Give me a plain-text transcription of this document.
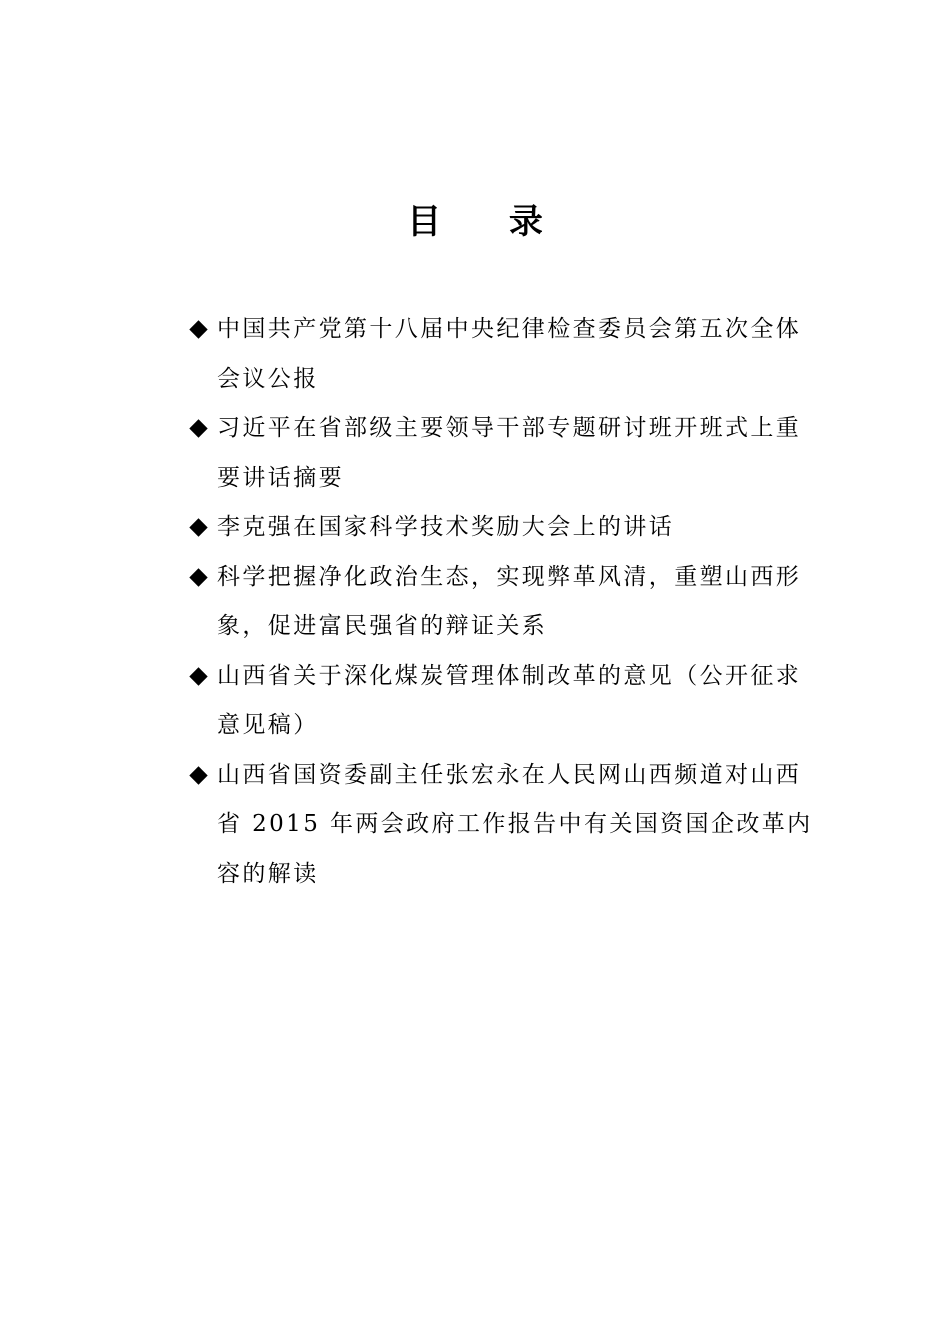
目 录
中国共产党第十八届中央纪律检查委员会第五次全体会议公报
习近平在省部级主要领导干部专题研讨班开班式上重要讲话摘要
李克强在国家科学技术奖励大会上的讲话
科学把握净化政治生态，实现弊革风清，重塑山西形象，促进富民强省的辩证关系
山西省关于深化煤炭管理体制改革的意见（公开征求意见稿）
山西省国资委副主任张宏永在人民网山西频道对山西省 2015 年两会政府工作报告中有关国资国企改革内容的解读
